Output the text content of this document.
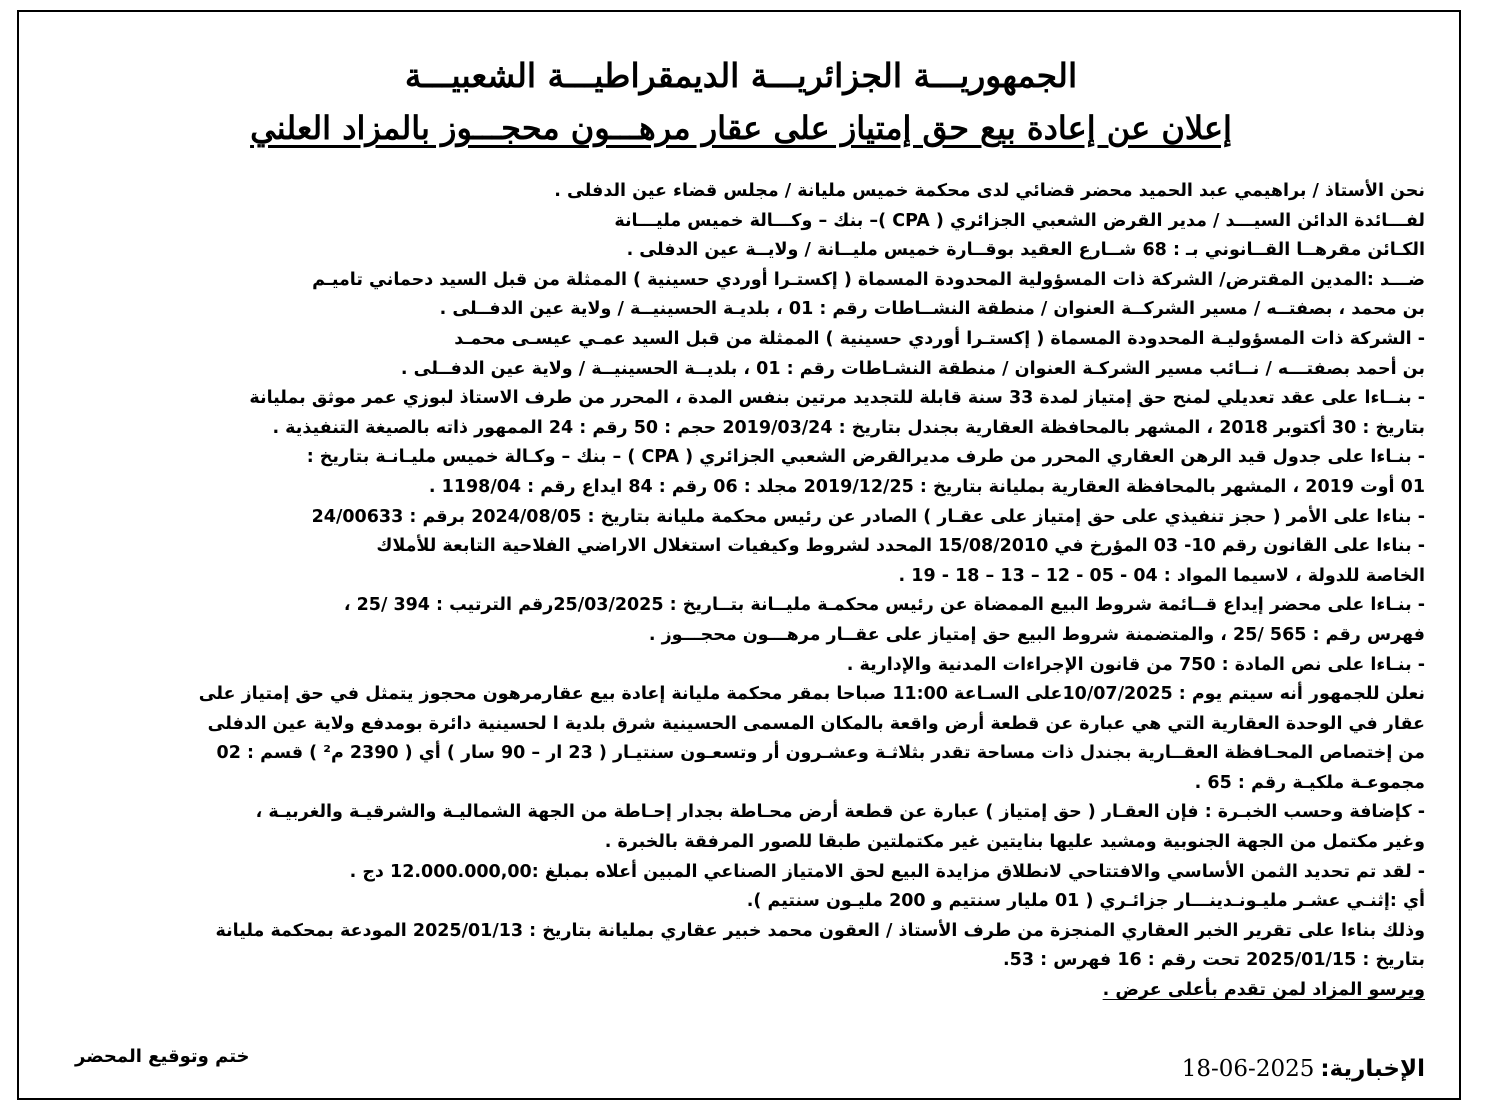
الجمهوريـــة الجزائريـــة الديمقراطيـــة الشعبيـــة
إعلان عن إعادة بيع حق إمتياز على عقار مرهـــون محجـــوز بالمزاد العلني

نحن الأستاذ / براهيمي عبد الحميد محضر قضائي لدى محكمة خميس مليانة / مجلس قضاء عين الدفلى .

لفـــائدة الدائن السيـــد / مدير القرض الشعبي الجزائري ( CPA )– بنك – وكـــالة خميس مليـــانة

الكـائن مقرهــا القــانوني بـ : 68 شــارع العقيد بوقــارة خميس مليــانة / ولايــة عين الدفلى .

ضـــد :المدين المقترض/ الشركة ذات المسؤولية المحدودة المسماة ( إكستـرا أوردي حسينية ) الممثلة من قبل السيد دحماني تاميـم

بن محمد ، بصفتــه / مسير الشركــة العنوان / منطقة النشــاطات رقم : 01 ، بلديـة الحسينيــة / ولاية عين الدفــلى .

- الشركة ذات المسؤوليـة المحدودة المسماة ( إكستـرا أوردي حسينية ) الممثلة من قبل السيد عمـي عيسـى محمـد

بن أحمد بصفتـــه / نــائب مسير الشركـة العنوان / منطقة النشـاطات رقم : 01 ، بلديــة الحسينيــة / ولاية عين الدفــلى .

- بنــاءا على عقد تعديلي لمنح حق إمتياز لمدة 33 سنة قابلة للتجديد مرتين بنفس المدة ، المحرر من طرف الاستاذ لبوزي عمر موثق بمليانة

بتاريخ : 30 أكتوبر 2018 ، المشهر بالمحافظة العقارية بجندل بتاريخ : 2019/03/24 حجم : 50 رقم : 24 الممهور ذاته بالصيغة التنفيذية .

- بنـاءا على جدول قيد الرهن العقاري المحرر من طرف مديرالقرض الشعبي الجزائري ( CPA ) – بنك – وكـالة خميس مليـانـة بتاريخ :

01 أوت 2019 ، المشهر بالمحافظة العقارية بمليانة بتاريخ : 2019/12/25 مجلد : 06 رقم : 84 ايداع رقم : 1198/04 .

- بناءا على الأمر ( حجز تنفيذي على حق إمتياز على عقـار ) الصادر عن رئيس محكمة مليانة بتاريخ : 2024/08/05 برقم : 24/00633

- بناءا على القانون رقم 10- 03 المؤرخ في 15/08/2010 المحدد لشروط وكيفيات استغلال الاراضي الفلاحية التابعة للأملاك

الخاصة للدولة ، لاسيما المواد : 04 - 05 - 12 – 13 – 18 - 19 .

- بنـاءا على محضر إيداع قــائمة شروط البيع الممضاة عن رئيس محكمـة مليــانة بتــاريخ : 25/03/2025رقم الترتيب : 394 /25 ،

فهرس رقم : 565 /25 ، والمتضمنة شروط البيع حق إمتياز على عقــار مرهـــون محجـــوز .

- بنـاءا على نص المادة : 750 من قانون الإجراءات المدنية والإدارية .

نعلن للجمهور أنه سيتم يوم : 10/07/2025على السـاعة 11:00 صباحا بمقر محكمة مليانة إعادة بيع عقارمرهون محجوز يتمثل في حق إمتياز على

عقار في الوحدة العقارية التي هي عبارة عن قطعة أرض واقعة بالمكان المسمى الحسينية شرق بلدية ا لحسينية دائرة بومدفع ولاية عين الدفلى

من إختصاص المحـافظة العقــارية بجندل ذات مساحة تقدر بثلاثـة وعشـرون أر وتسعـون سنتيـار ( 23 ار – 90 سار ) أي ( 2390 م² ) قسم : 02

مجموعـة ملكيـة رقم : 65 .

- كإضافة وحسب الخبـرة : فإن العقـار ( حق إمتياز ) عبارة عن قطعة أرض محـاطة بجدار إحـاطة من الجهة الشماليـة والشرقيـة والغربيـة ،

وغير مكتمل من الجهة الجنوبية ومشيد عليها بنايتين غير مكتملتين طبقا للصور المرفقة بالخبرة .

- لقد تم تحديد الثمن الأساسي والافتتاحي لانطلاق مزايدة البيع لحق الامتياز الصناعي المبين أعلاه بمبلغ :12.000.000,00 دج .

أي :إثنـي عشـر مليـونـدينـــار جزائـري ( 01 مليار سنتيم و 200 مليـون سنتيم ).

وذلك بناءا على تقرير الخبر العقاري المنجزة من طرف الأستاذ / العقون محمد خبير عقاري بمليانة بتاريخ : 2025/01/13 المودعة بمحكمة مليانة

بتاريخ : 2025/01/15 تحت رقم : 16 فهرس : 53.

ويرسو المزاد لمن تقدم بأعلى عرض .

ختم وتوقيع المحضر	الإخبارية:2025-06-18
